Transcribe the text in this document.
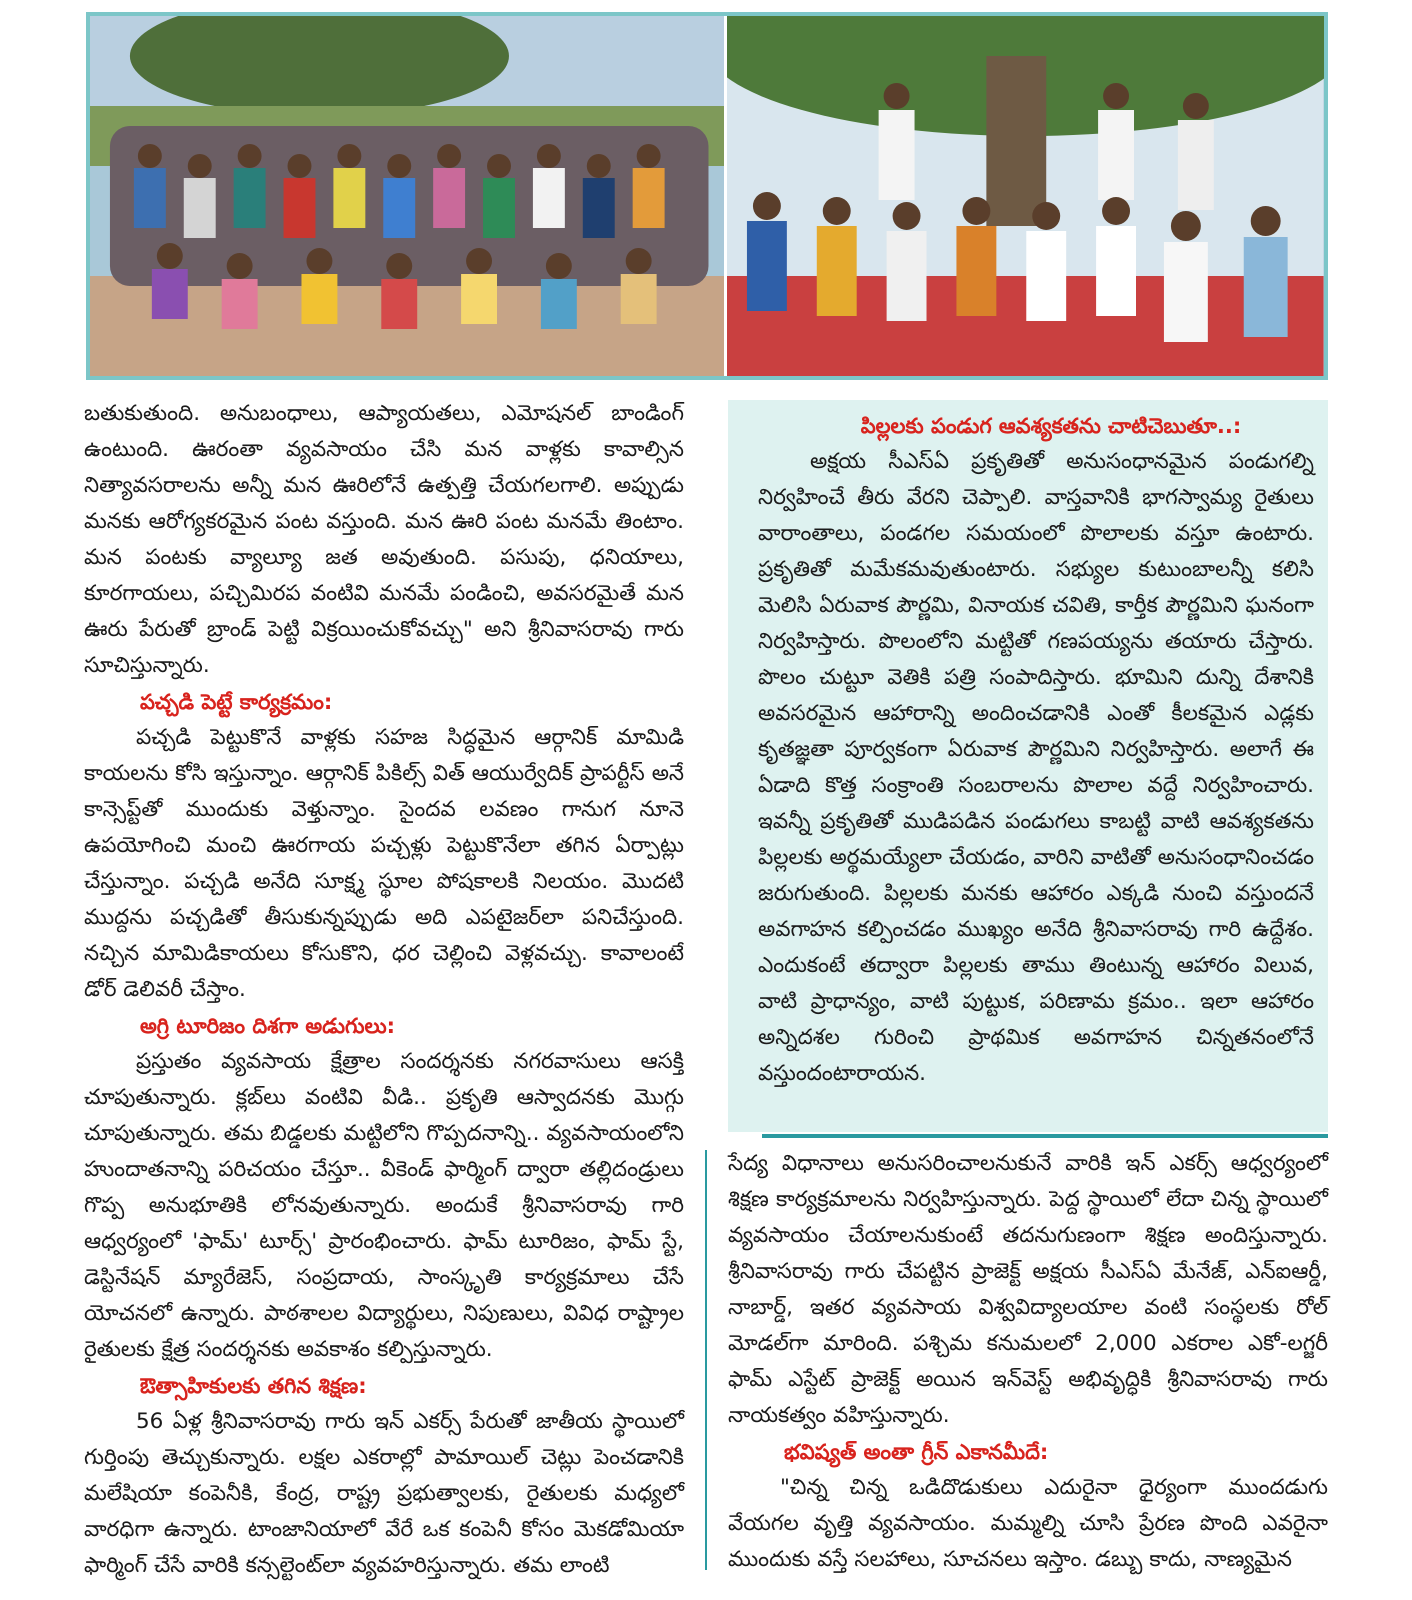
బతుకుతుంది. అనుబంధాలు, ఆప్యాయతలు, ఎమోషనల్ బాండింగ్ ఉంటుంది. ఊరంతా వ్యవసాయం చేసి మన వాళ్లకు కావాల్సిన నిత్యావసరాలను అన్నీ మన ఊరిలోనే ఉత్పత్తి చేయగలగాలి. అప్పుడు మనకు ఆరోగ్యకరమైన పంట వస్తుంది. మన ఊరి పంట మనమే తింటాం. మన పంటకు వ్యాల్యూ జత అవుతుంది. పసుపు, ధనియాలు, కూరగాయలు, పచ్చిమిరప వంటివి మనమే పండించి, అవసరమైతే మన ఊరు పేరుతో బ్రాండ్ పెట్టి విక్రయించుకోవచ్చు" అని శ్రీనివాసరావు గారు సూచిస్తున్నారు.

పచ్చడి పెట్టే కార్యక్రమం:

పచ్చడి పెట్టుకొనే వాళ్లకు సహజ సిద్ధమైన ఆర్గానిక్ మామిడి కాయలను కోసి ఇస్తున్నాం. ఆర్గానిక్ పికిల్స్ విత్ ఆయుర్వేదిక్ ప్రాపర్టీస్ అనే కాన్సెప్ట్‌తో ముందుకు వెళ్తున్నాం. సైందవ లవణం గానుగ నూనె ఉపయోగించి మంచి ఊరగాయ పచ్చళ్లు పెట్టుకొనేలా తగిన ఏర్పాట్లు చేస్తున్నాం. పచ్చడి అనేది సూక్ష్మ స్థూల పోషకాలకి నిలయం. మొదటి ముద్దను పచ్చడితో తీసుకున్నప్పుడు అది ఎపటైజర్‌లా పనిచేస్తుంది. నచ్చిన మామిడికాయలు కోసుకొని, ధర చెల్లించి వెళ్లవచ్చు. కావాలంటే డోర్ డెలివరీ చేస్తాం.

అగ్రి టూరిజం దిశగా అడుగులు:

ప్రస్తుతం వ్యవసాయ క్షేత్రాల సందర్శనకు నగరవాసులు ఆసక్తి చూపుతున్నారు. క్లబ్‌లు వంటివి వీడి.. ప్రకృతి ఆస్వాదనకు మొగ్గు చూపుతున్నారు. తమ బిడ్డలకు మట్టిలోని గొప్పదనాన్ని.. వ్యవసాయంలోని హుందాతనాన్ని పరిచయం చేస్తూ.. వీకెండ్ ఫార్మింగ్ ద్వారా తల్లిదండ్రులు గొప్ప అనుభూతికి లోనవుతున్నారు. అందుకే శ్రీనివాసరావు గారి ఆధ్వర్యంలో 'ఫామ్' టూర్స్' ప్రారంభించారు. ఫామ్ టూరిజం, ఫామ్ స్టే, డెస్టినేషన్ మ్యారేజెస్, సంప్రదాయ, సాంస్కృతి కార్యక్రమాలు చేసే యోచనలో ఉన్నారు. పాఠశాలల విద్యార్థులు, నిపుణులు, వివిధ రాష్ట్రాల రైతులకు క్షేత్ర సందర్శనకు అవకాశం కల్పిస్తున్నారు.

ఔత్సాహికులకు తగిన శిక్షణ:

56 ఏళ్ల శ్రీనివాసరావు గారు ఇన్ ఎకర్స్ పేరుతో జాతీయ స్థాయిలో గుర్తింపు తెచ్చుకున్నారు. లక్షల ఎకరాల్లో పామాయిల్ చెట్లు పెంచడానికి మలేషియా కంపెనీకి, కేంద్ర, రాష్ట్ర ప్రభుత్వాలకు, రైతులకు మధ్యలో వారధిగా ఉన్నారు. టాంజానియాలో వేరే ఒక కంపెనీ కోసం మెకడోమియా ఫార్మింగ్ చేసే వారికి కన్సల్టెంట్‌లా వ్యవహరిస్తున్నారు. తమ లాంటి

పిల్లలకు పండుగ ఆవశ్యకతను చాటిచెబుతూ..:

అక్షయ సీఎస్ఏ ప్రకృతితో అనుసంధానమైన పండుగల్ని నిర్వహించే తీరు వేరని చెప్పాలి. వాస్తవానికి భాగస్వామ్య రైతులు వారాంతాలు, పండగల సమయంలో పొలాలకు వస్తూ ఉంటారు. ప్రకృతితో మమేకమవుతుంటారు. సభ్యుల కుటుంబాలన్నీ కలిసి మెలిసి ఏరువాక పౌర్ణమి, వినాయక చవితి, కార్తీక పౌర్ణమిని ఘనంగా నిర్వహిస్తారు. పొలంలోని మట్టితో గణపయ్యను తయారు చేస్తారు. పొలం చుట్టూ వెతికి పత్రి సంపాదిస్తారు. భూమిని దున్ని దేశానికి అవసరమైన ఆహారాన్ని అందించడానికి ఎంతో కీలకమైన ఎడ్లకు కృతజ్ఞతా పూర్వకంగా ఏరువాక పౌర్ణమిని నిర్వహిస్తారు. అలాగే ఈ ఏడాది కొత్త సంక్రాంతి సంబరాలను పొలాల వద్దే నిర్వహించారు. ఇవన్నీ ప్రకృతితో ముడిపడిన పండుగలు కాబట్టి వాటి ఆవశ్యకతను పిల్లలకు అర్థమయ్యేలా చేయడం, వారిని వాటితో అనుసంధానించడం జరుగుతుంది. పిల్లలకు మనకు ఆహారం ఎక్కడి నుంచి వస్తుందనే అవగాహన కల్పించడం ముఖ్యం అనేది శ్రీనివాసరావు గారి ఉద్దేశం. ఎందుకంటే తద్వారా పిల్లలకు తాము తింటున్న ఆహారం విలువ, వాటి ప్రాధాన్యం, వాటి పుట్టుక, పరిణామ క్రమం.. ఇలా ఆహారం అన్నిదశల గురించి ప్రాథమిక అవగాహన చిన్నతనంలోనే వస్తుందంటారాయన.

సేద్య విధానాలు అనుసరించాలనుకునే వారికి ఇన్ ఎకర్స్ ఆధ్వర్యంలో శిక్షణ కార్యక్రమాలను నిర్వహిస్తున్నారు. పెద్ద స్థాయిలో లేదా చిన్న స్థాయిలో వ్యవసాయం చేయాలనుకుంటే తదనుగుణంగా శిక్షణ అందిస్తున్నారు. శ్రీనివాసరావు గారు చేపట్టిన ప్రాజెక్ట్ అక్షయ సీఎస్ఏ మేనేజ్, ఎన్ఐఆర్డీ, నాబార్డ్, ఇతర వ్యవసాయ విశ్వవిద్యాలయాల వంటి సంస్థలకు రోల్ మోడల్‌గా మారింది. పశ్చిమ కనుమలలో 2,000 ఎకరాల ఎకో-లగ్జరీ ఫామ్ ఎస్టేట్ ప్రాజెక్ట్ అయిన ఇన్‌వెస్ట్ అభివృద్ధికి శ్రీనివాసరావు గారు నాయకత్వం వహిస్తున్నారు.

భవిష్యత్ అంతా గ్రీన్ ఎకానమీదే:

"చిన్న చిన్న ఒడిదొడుకులు ఎదురైనా ధైర్యంగా ముందడుగు వేయగల వృత్తి వ్యవసాయం. మమ్మల్ని చూసి ప్రేరణ పొంది ఎవరైనా ముందుకు వస్తే సలహాలు, సూచనలు ఇస్తాం. డబ్బు కాదు, నాణ్యమైన
